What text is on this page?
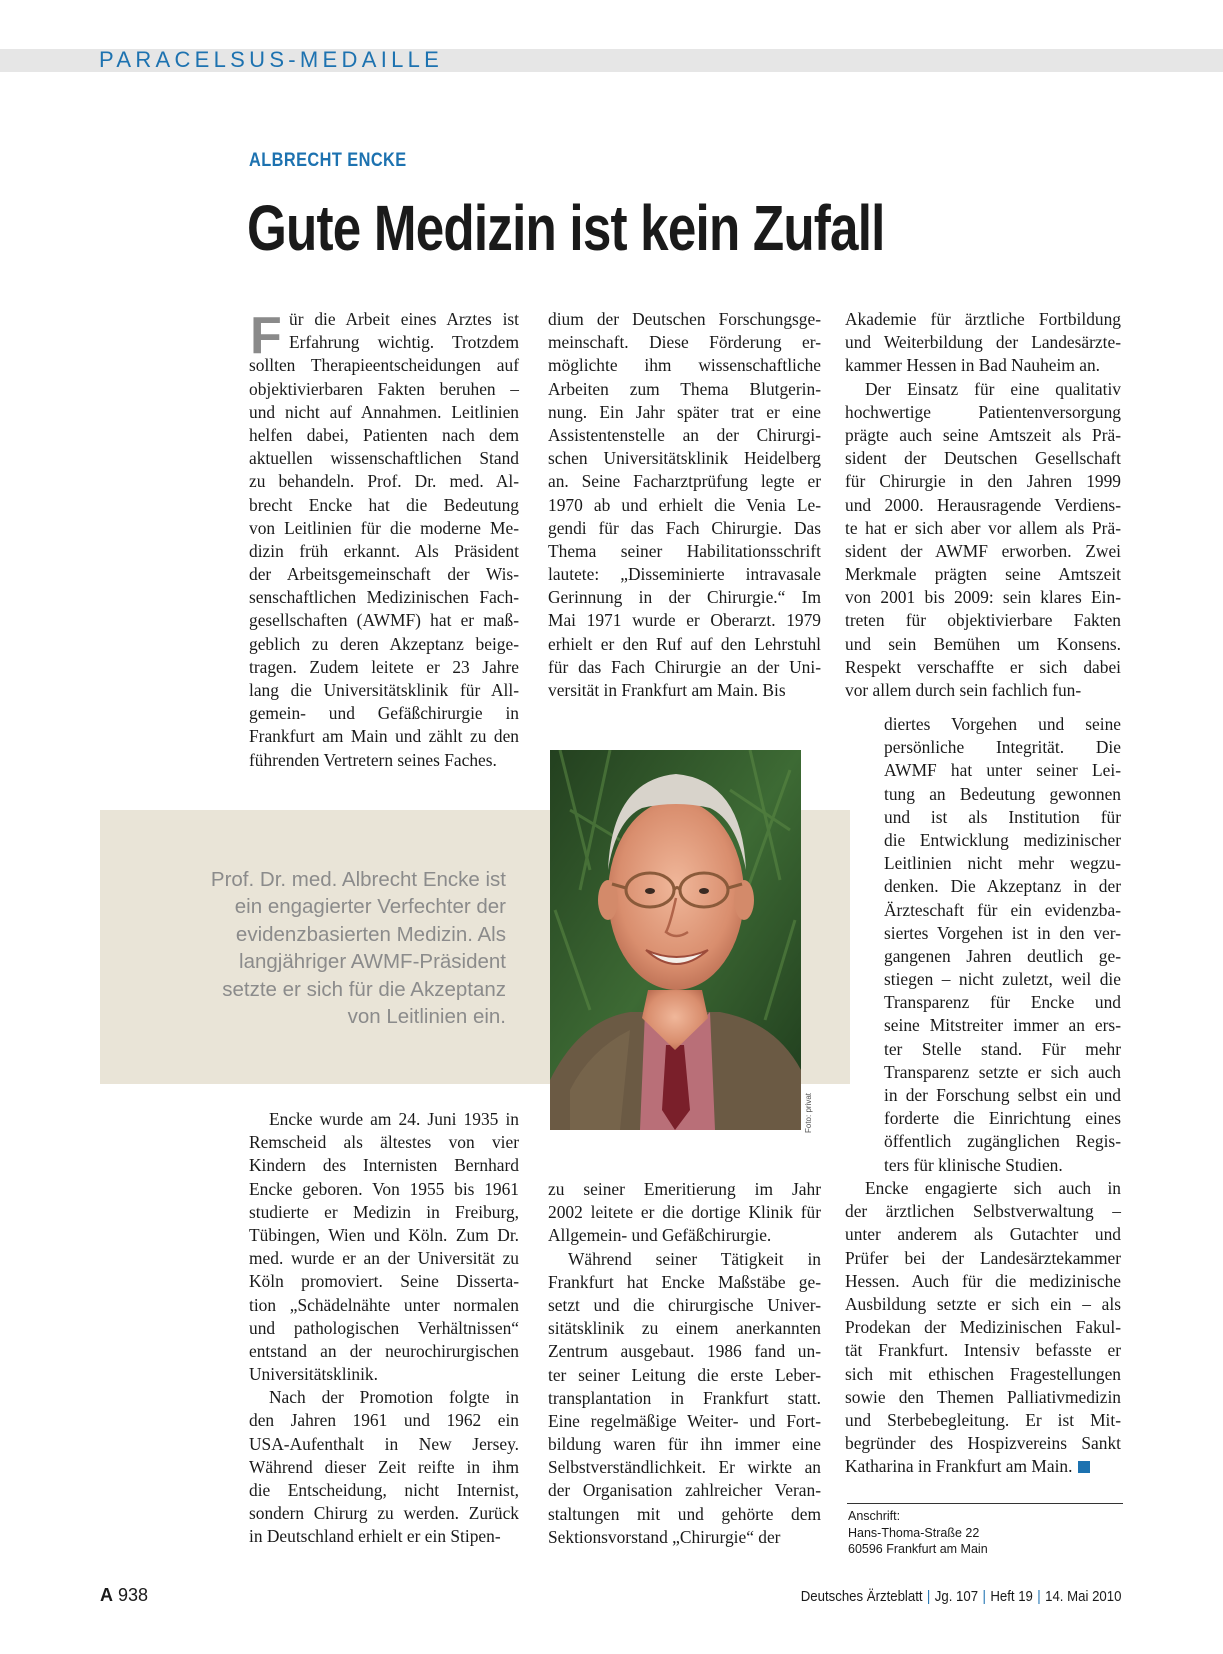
PARACELSUS-MEDAILLE
ALBRECHT ENCKE
Gute Medizin ist kein Zufall
F ür die Arbeit eines Arztes ist
Erfahrung wichtig. Trotzdem
sollten Therapieentscheidungen auf
objektivierbaren Fakten beruhen –
und nicht auf Annahmen. Leitlinien
helfen dabei, Patienten nach dem
aktuellen wissenschaftlichen Stand
zu behandeln. Prof. Dr. med. Al-
brecht Encke hat die Bedeutung
von Leitlinien für die moderne Me-
dizin früh erkannt. Als Präsident
der Arbeitsgemeinschaft der Wis-
senschaftlichen Medizinischen Fach-
gesellschaften (AWMF) hat er maß-
geblich zu deren Akzeptanz beige-
tragen. Zudem leitete er 23 Jahre
lang die Universitätsklinik für All-
gemein- und Gefäßchirurgie in
Frankfurt am Main und zählt zu den
führenden Vertretern seines Faches.
Prof. Dr. med. Albrecht Encke ist
ein engagierter Verfechter der
evidenzbasierten Medizin. Als
langjähriger AWMF-Präsident
setzte er sich für die Akzeptanz
von Leitlinien ein.
Encke wurde am 24. Juni 1935 in
Remscheid als ältestes von vier
Kindern des Internisten Bernhard
Encke geboren. Von 1955 bis 1961
studierte er Medizin in Freiburg,
Tübingen, Wien und Köln. Zum Dr.
med. wurde er an der Universität zu
Köln promoviert. Seine Disserta-
tion „Schädelnähte unter normalen
und pathologischen Verhältnissen“
entstand an der neurochirurgischen
Universitätsklinik.
Nach der Promotion folgte in
den Jahren 1961 und 1962 ein
USA-Aufenthalt in New Jersey.
Während dieser Zeit reifte in ihm
die Entscheidung, nicht Internist,
sondern Chirurg zu werden. Zurück
in Deutschland erhielt er ein Stipen-
dium der Deutschen Forschungsge-
meinschaft. Diese Förderung er-
möglichte ihm wissenschaftliche
Arbeiten zum Thema Blutgerin-
nung. Ein Jahr später trat er eine
Assistentenstelle an der Chirurgi-
schen Universitätsklinik Heidelberg
an. Seine Facharztprüfung legte er
1970 ab und erhielt die Venia Le-
gendi für das Fach Chirurgie. Das
Thema seiner Habilitationsschrift
lautete: „Disseminierte intravasale
Gerinnung in der Chirurgie.“ Im
Mai 1971 wurde er Oberarzt. 1979
erhielt er den Ruf auf den Lehrstuhl
für das Fach Chirurgie an der Uni-
versität in Frankfurt am Main. Bis
Foto: privat
zu seiner Emeritierung im Jahr
2002 leitete er die dortige Klinik für
Allgemein- und Gefäßchirurgie.
Während seiner Tätigkeit in
Frankfurt hat Encke Maßstäbe ge-
setzt und die chirurgische Univer-
sitätsklinik zu einem anerkannten
Zentrum ausgebaut. 1986 fand un-
ter seiner Leitung die erste Leber-
transplantation in Frankfurt statt.
Eine regelmäßige Weiter- und Fort-
bildung waren für ihn immer eine
Selbstverständlichkeit. Er wirkte an
der Organisation zahlreicher Veran-
staltungen mit und gehörte dem
Sektionsvorstand „Chirurgie“ der
Akademie für ärztliche Fortbildung
und Weiterbildung der Landesärzte-
kammer Hessen in Bad Nauheim an.
Der Einsatz für eine qualitativ
hochwertige Patientenversorgung
prägte auch seine Amtszeit als Prä-
sident der Deutschen Gesellschaft
für Chirurgie in den Jahren 1999
und 2000. Herausragende Verdiens-
te hat er sich aber vor allem als Prä-
sident der AWMF erworben. Zwei
Merkmale prägten seine Amtszeit
von 2001 bis 2009: sein klares Ein-
treten für objektivierbare Fakten
und sein Bemühen um Konsens.
Respekt verschaffte er sich dabei
vor allem durch sein fachlich fun-
diertes Vorgehen und seine
persönliche Integrität. Die
AWMF hat unter seiner Lei-
tung an Bedeutung gewonnen
und ist als Institution für
die Entwicklung medizinischer
Leitlinien nicht mehr wegzu-
denken. Die Akzeptanz in der
Ärzteschaft für ein evidenzba-
siertes Vorgehen ist in den ver-
gangenen Jahren deutlich ge-
stiegen – nicht zuletzt, weil die
Transparenz für Encke und
seine Mitstreiter immer an ers-
ter Stelle stand. Für mehr
Transparenz setzte er sich auch
in der Forschung selbst ein und
forderte die Einrichtung eines
öffentlich zugänglichen Regis-
ters für klinische Studien.
Encke engagierte sich auch in
der ärztlichen Selbstverwaltung –
unter anderem als Gutachter und
Prüfer bei der Landesärztekammer
Hessen. Auch für die medizinische
Ausbildung setzte er sich ein – als
Prodekan der Medizinischen Fakul-
tät Frankfurt. Intensiv befasste er
sich mit ethischen Fragestellungen
sowie den Themen Palliativmedizin
und Sterbebegleitung. Er ist Mit-
begründer des Hospizvereins Sankt
Katharina in Frankfurt am Main.
Anschrift:
Hans-Thoma-Straße 22
60596 Frankfurt am Main
A 938	Deutsches Ärzteblatt | Jg. 107 | Heft 19 | 14. Mai 2010
